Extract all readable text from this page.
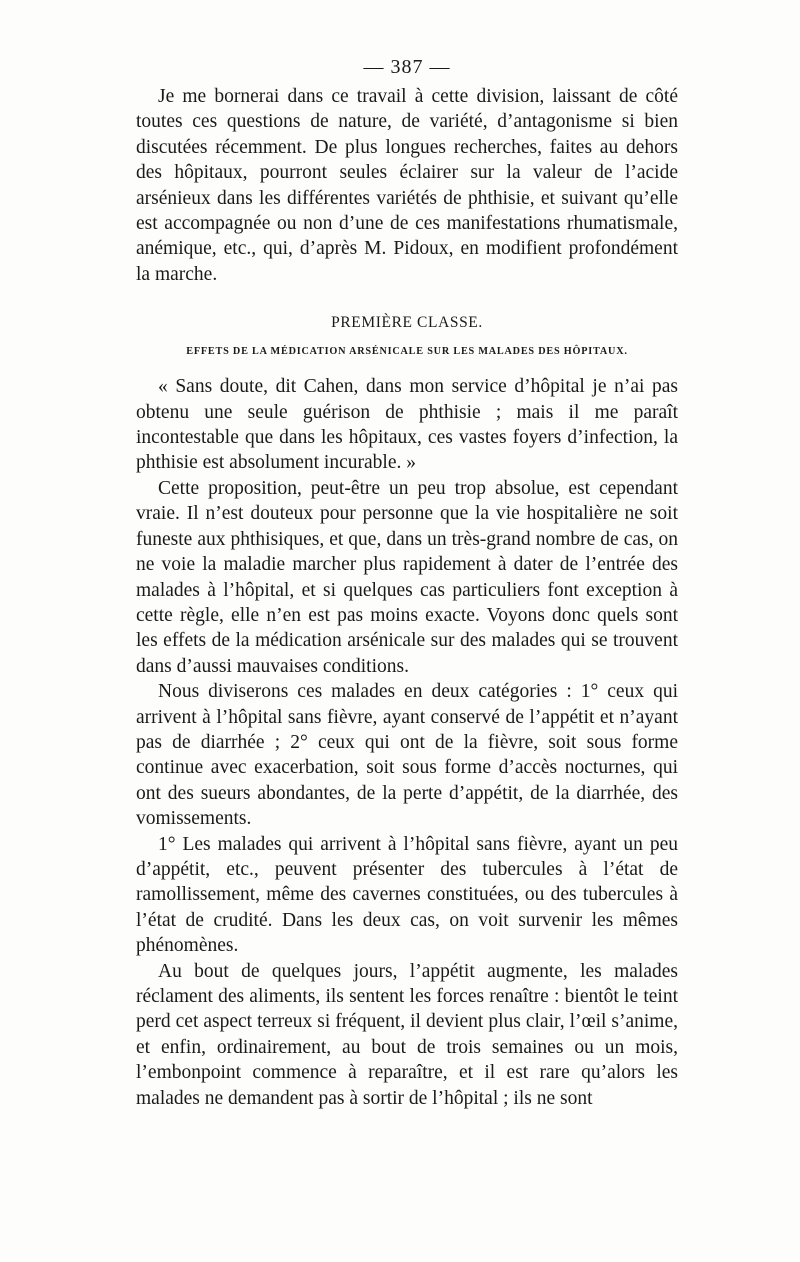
— 387 —

Je me bornerai dans ce travail à cette division, laissant de côté toutes ces questions de nature, de variété, d’antagonisme si bien discutées récemment. De plus longues recherches, faites au dehors des hôpitaux, pourront seules éclairer sur la valeur de l’acide arsénieux dans les différentes variétés de phthisie, et suivant qu’elle est accompagnée ou non d’une de ces manifestations rhumatismale, anémique, etc., qui, d’après M. Pidoux, en modifient profondément la marche.

PREMIÈRE CLASSE.
EFFETS DE LA MÉDICATION ARSÉNICALE SUR LES MALADES DES HÔPITAUX.

« Sans doute, dit Cahen, dans mon service d’hôpital je n’ai pas obtenu une seule guérison de phthisie ; mais il me paraît incontestable que dans les hôpitaux, ces vastes foyers d’infection, la phthisie est absolument incurable. »

Cette proposition, peut-être un peu trop absolue, est cependant vraie. Il n’est douteux pour personne que la vie hospitalière ne soit funeste aux phthisiques, et que, dans un très-grand nombre de cas, on ne voie la maladie marcher plus rapidement à dater de l’entrée des malades à l’hôpital, et si quelques cas particuliers font exception à cette règle, elle n’en est pas moins exacte. Voyons donc quels sont les effets de la médication arsénicale sur des malades qui se trouvent dans d’aussi mauvaises conditions.

Nous diviserons ces malades en deux catégories : 1° ceux qui arrivent à l’hôpital sans fièvre, ayant conservé de l’appétit et n’ayant pas de diarrhée ; 2° ceux qui ont de la fièvre, soit sous forme continue avec exacerbation, soit sous forme d’accès nocturnes, qui ont des sueurs abondantes, de la perte d’appétit, de la diarrhée, des vomissements.

1° Les malades qui arrivent à l’hôpital sans fièvre, ayant un peu d’appétit, etc., peuvent présenter des tubercules à l’état de ramollissement, même des cavernes constituées, ou des tubercules à l’état de crudité. Dans les deux cas, on voit survenir les mêmes phénomènes.

Au bout de quelques jours, l’appétit augmente, les malades réclament des aliments, ils sentent les forces renaître : bientôt le teint perd cet aspect terreux si fréquent, il devient plus clair, l’œil s’anime, et enfin, ordinairement, au bout de trois semaines ou un mois, l’embonpoint commence à reparaître, et il est rare qu’alors les malades ne demandent pas à sortir de l’hôpital ; ils ne sont
